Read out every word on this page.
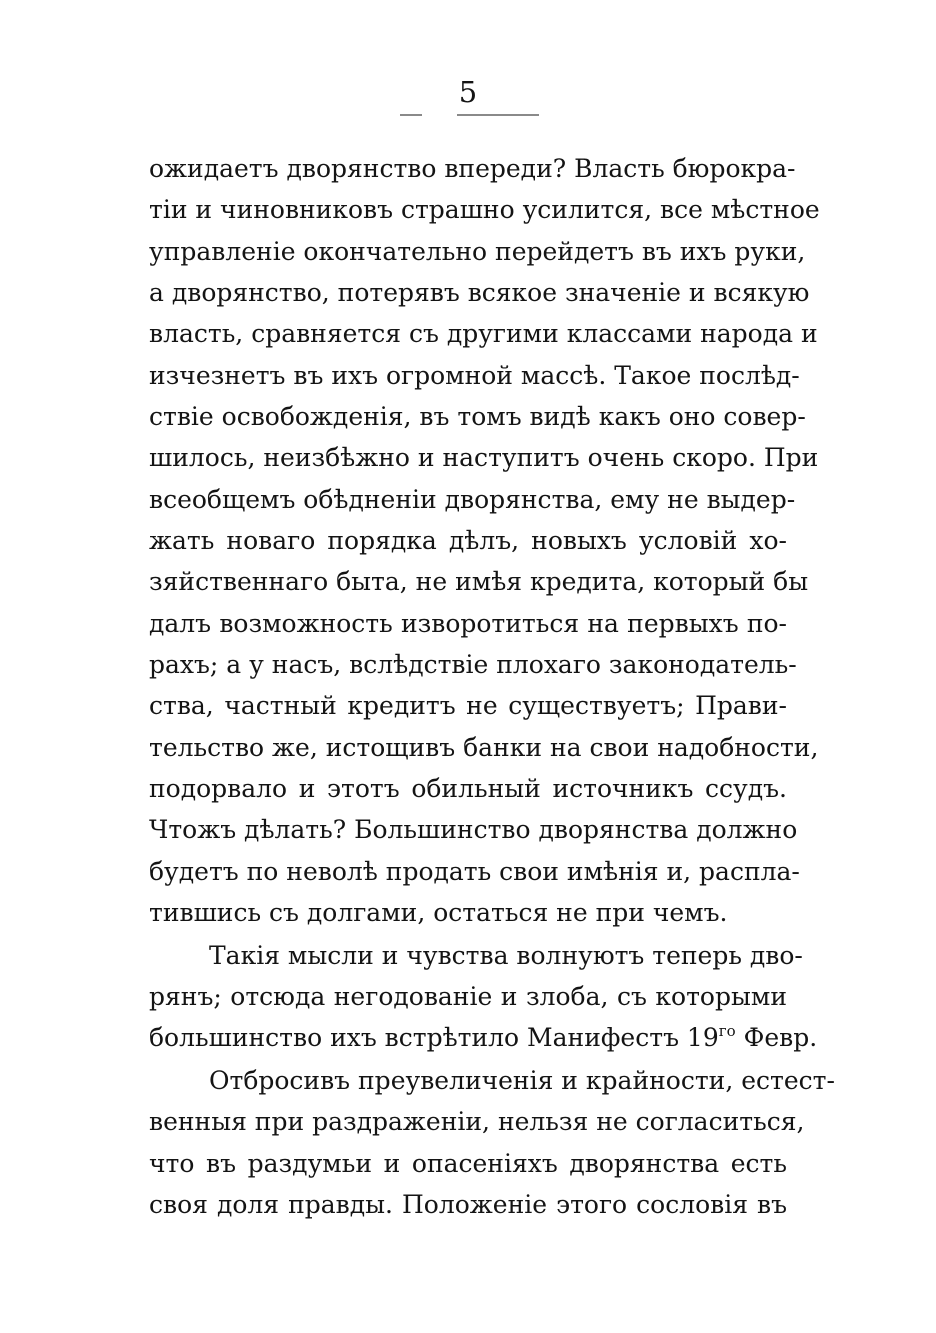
5
ожидаетъ дворянство впереди? Власть бюрокра-
тіи и чиновниковъ страшно усилится, все мѣстное
управленіе окончательно перейдетъ въ ихъ руки,
а дворянство, потерявъ всякое значеніе и всякую
власть, сравняется съ другими классами народа и
изчезнетъ въ ихъ огромной массѣ. Такое послѣд-
ствіе освобожденія, въ томъ видѣ какъ оно совер-
шилось, неизбѣжно и наступитъ очень скоро. При
всеобщемъ обѣдненіи дворянства, ему не выдер-
жать новаго порядка дѣлъ, новыхъ условій хо-
зяйственнаго быта, не имѣя кредита, который бы
далъ возможность изворотиться на первыхъ по-
рахъ; а у насъ, вслѣдствіе плохаго законодатель-
ства, частный кредитъ не существуетъ; Прави-
тельство же, истощивъ банки на свои надобности,
подорвало и этотъ обильный источникъ ссудъ.
Чтожъ дѣлать? Большинство дворянства должно
будетъ по неволѣ продать свои имѣнія и, распла-
тившись съ долгами, остаться не при чемъ.
Такія мысли и чувства волнуютъ теперь дво-
рянъ; отсюда негодованіе и злоба, съ которыми
большинство ихъ встрѣтило Манифестъ $19^{го}$ Февр.
Отбросивъ преувеличенія и крайности, естест-
венныя при раздраженіи, нельзя не согласиться,
что въ раздумьи и опасеніяхъ дворянства есть
своя доля правды. Положеніе этого сословія въ
